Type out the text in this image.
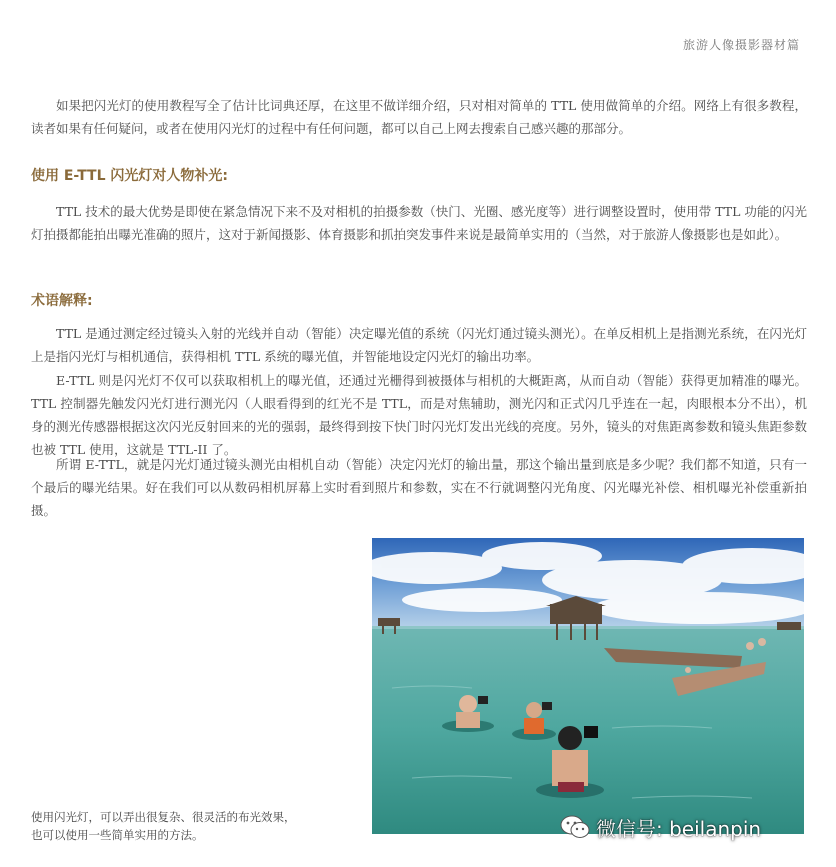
旅游人像摄影器材篇

如果把闪光灯的使用教程写全了估计比词典还厚，在这里不做详细介绍，只对相对简单的 TTL 使用做简单的介绍。网络上有很多教程，读者如果有任何疑问，或者在使用闪光灯的过程中有任何问题，都可以自己上网去搜索自己感兴趣的那部分。

使用 E-TTL 闪光灯对人物补光:

TTL 技术的最大优势是即使在紧急情况下来不及对相机的拍摄参数（快门、光圈、感光度等）进行调整设置时，使用带 TTL 功能的闪光灯拍摄都能拍出曝光准确的照片，这对于新闻摄影、体育摄影和抓拍突发事件来说是最简单实用的（当然，对于旅游人像摄影也是如此）。

术语解释:

TTL 是通过测定经过镜头入射的光线并自动（智能）决定曝光值的系统（闪光灯通过镜头测光）。在单反相机上是指测光系统，在闪光灯上是指闪光灯与相机通信，获得相机 TTL 系统的曝光值，并智能地设定闪光灯的输出功率。

E-TTL 则是闪光灯不仅可以获取相机上的曝光值，还通过光栅得到被摄体与相机的大概距离，从而自动（智能）获得更加精准的曝光。TTL 控制器先触发闪光灯进行测光闪（人眼看得到的红光不是 TTL，而是对焦辅助，测光闪和正式闪几乎连在一起，肉眼根本分不出），机身的测光传感器根据这次闪光反射回来的光的强弱，最终得到按下快门时闪光灯发出光线的亮度。另外，镜头的对焦距离参数和镜头焦距参数也被 TTL 使用，这就是 TTL-II 了。

所谓 E-TTL，就是闪光灯通过镜头测光由相机自动（智能）决定闪光灯的输出量，那这个输出量到底是多少呢？我们都不知道，只有一个最后的曝光结果。好在我们可以从数码相机屏幕上实时看到照片和参数，实在不行就调整闪光角度、闪光曝光补偿、相机曝光补偿重新拍摄。

使用闪光灯，可以弄出很复杂、很灵活的布光效果，
也可以使用一些简单实用的方法。	微信号: beilanpin
